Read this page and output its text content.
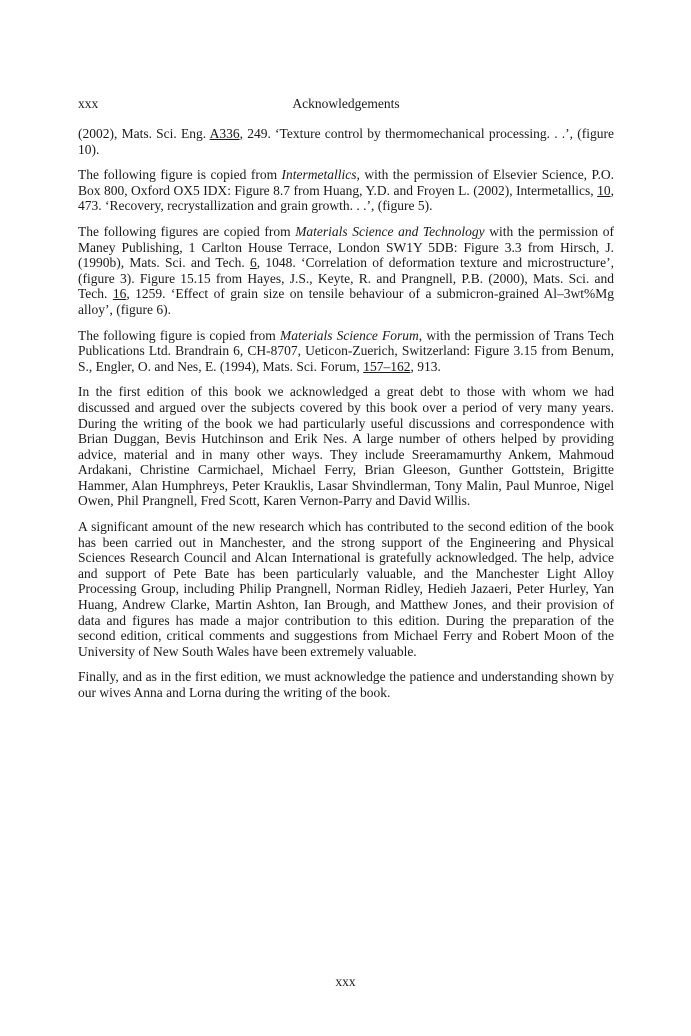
xxx	Acknowledgements

(2002), Mats. Sci. Eng. A336, 249. ‘Texture control by thermomechanical processing. . .’, (figure 10).

The following figure is copied from Intermetallics, with the permission of Elsevier Science, P.O. Box 800, Oxford OX5 IDX: Figure 8.7 from Huang, Y.D. and Froyen L. (2002), Intermetallics, 10, 473. ‘Recovery, recrystallization and grain growth. . .’, (figure 5).

The following figures are copied from Materials Science and Technology with the permission of Maney Publishing, 1 Carlton House Terrace, London SW1Y 5DB: Figure 3.3 from Hirsch, J. (1990b), Mats. Sci. and Tech. 6, 1048. ‘Correlation of deformation texture and microstructure’, (figure 3). Figure 15.15 from Hayes, J.S., Keyte, R. and Prangnell, P.B. (2000), Mats. Sci. and Tech. 16, 1259. ‘Effect of grain size on tensile behaviour of a submicron-grained Al–3wt%Mg alloy’, (figure 6).

The following figure is copied from Materials Science Forum, with the permission of Trans Tech Publications Ltd. Brandrain 6, CH-8707, Ueticon-Zuerich, Switzerland: Figure 3.15 from Benum, S., Engler, O. and Nes, E. (1994), Mats. Sci. Forum, 157–162, 913.

In the first edition of this book we acknowledged a great debt to those with whom we had discussed and argued over the subjects covered by this book over a period of very many years. During the writing of the book we had particularly useful discussions and correspondence with Brian Duggan, Bevis Hutchinson and Erik Nes. A large number of others helped by providing advice, material and in many other ways. They include Sreeramamurthy Ankem, Mahmoud Ardakani, Christine Carmichael, Michael Ferry, Brian Gleeson, Gunther Gottstein, Brigitte Hammer, Alan Humphreys, Peter Krauklis, Lasar Shvindlerman, Tony Malin, Paul Munroe, Nigel Owen, Phil Prangnell, Fred Scott, Karen Vernon-Parry and David Willis.

A significant amount of the new research which has contributed to the second edition of the book has been carried out in Manchester, and the strong support of the Engineering and Physical Sciences Research Council and Alcan International is gratefully acknowledged. The help, advice and support of Pete Bate has been particularly valuable, and the Manchester Light Alloy Processing Group, including Philip Prangnell, Norman Ridley, Hedieh Jazaeri, Peter Hurley, Yan Huang, Andrew Clarke, Martin Ashton, Ian Brough, and Matthew Jones, and their provision of data and figures has made a major contribution to this edition. During the preparation of the second edition, critical comments and suggestions from Michael Ferry and Robert Moon of the University of New South Wales have been extremely valuable.

Finally, and as in the first edition, we must acknowledge the patience and understanding shown by our wives Anna and Lorna during the writing of the book.

xxx
